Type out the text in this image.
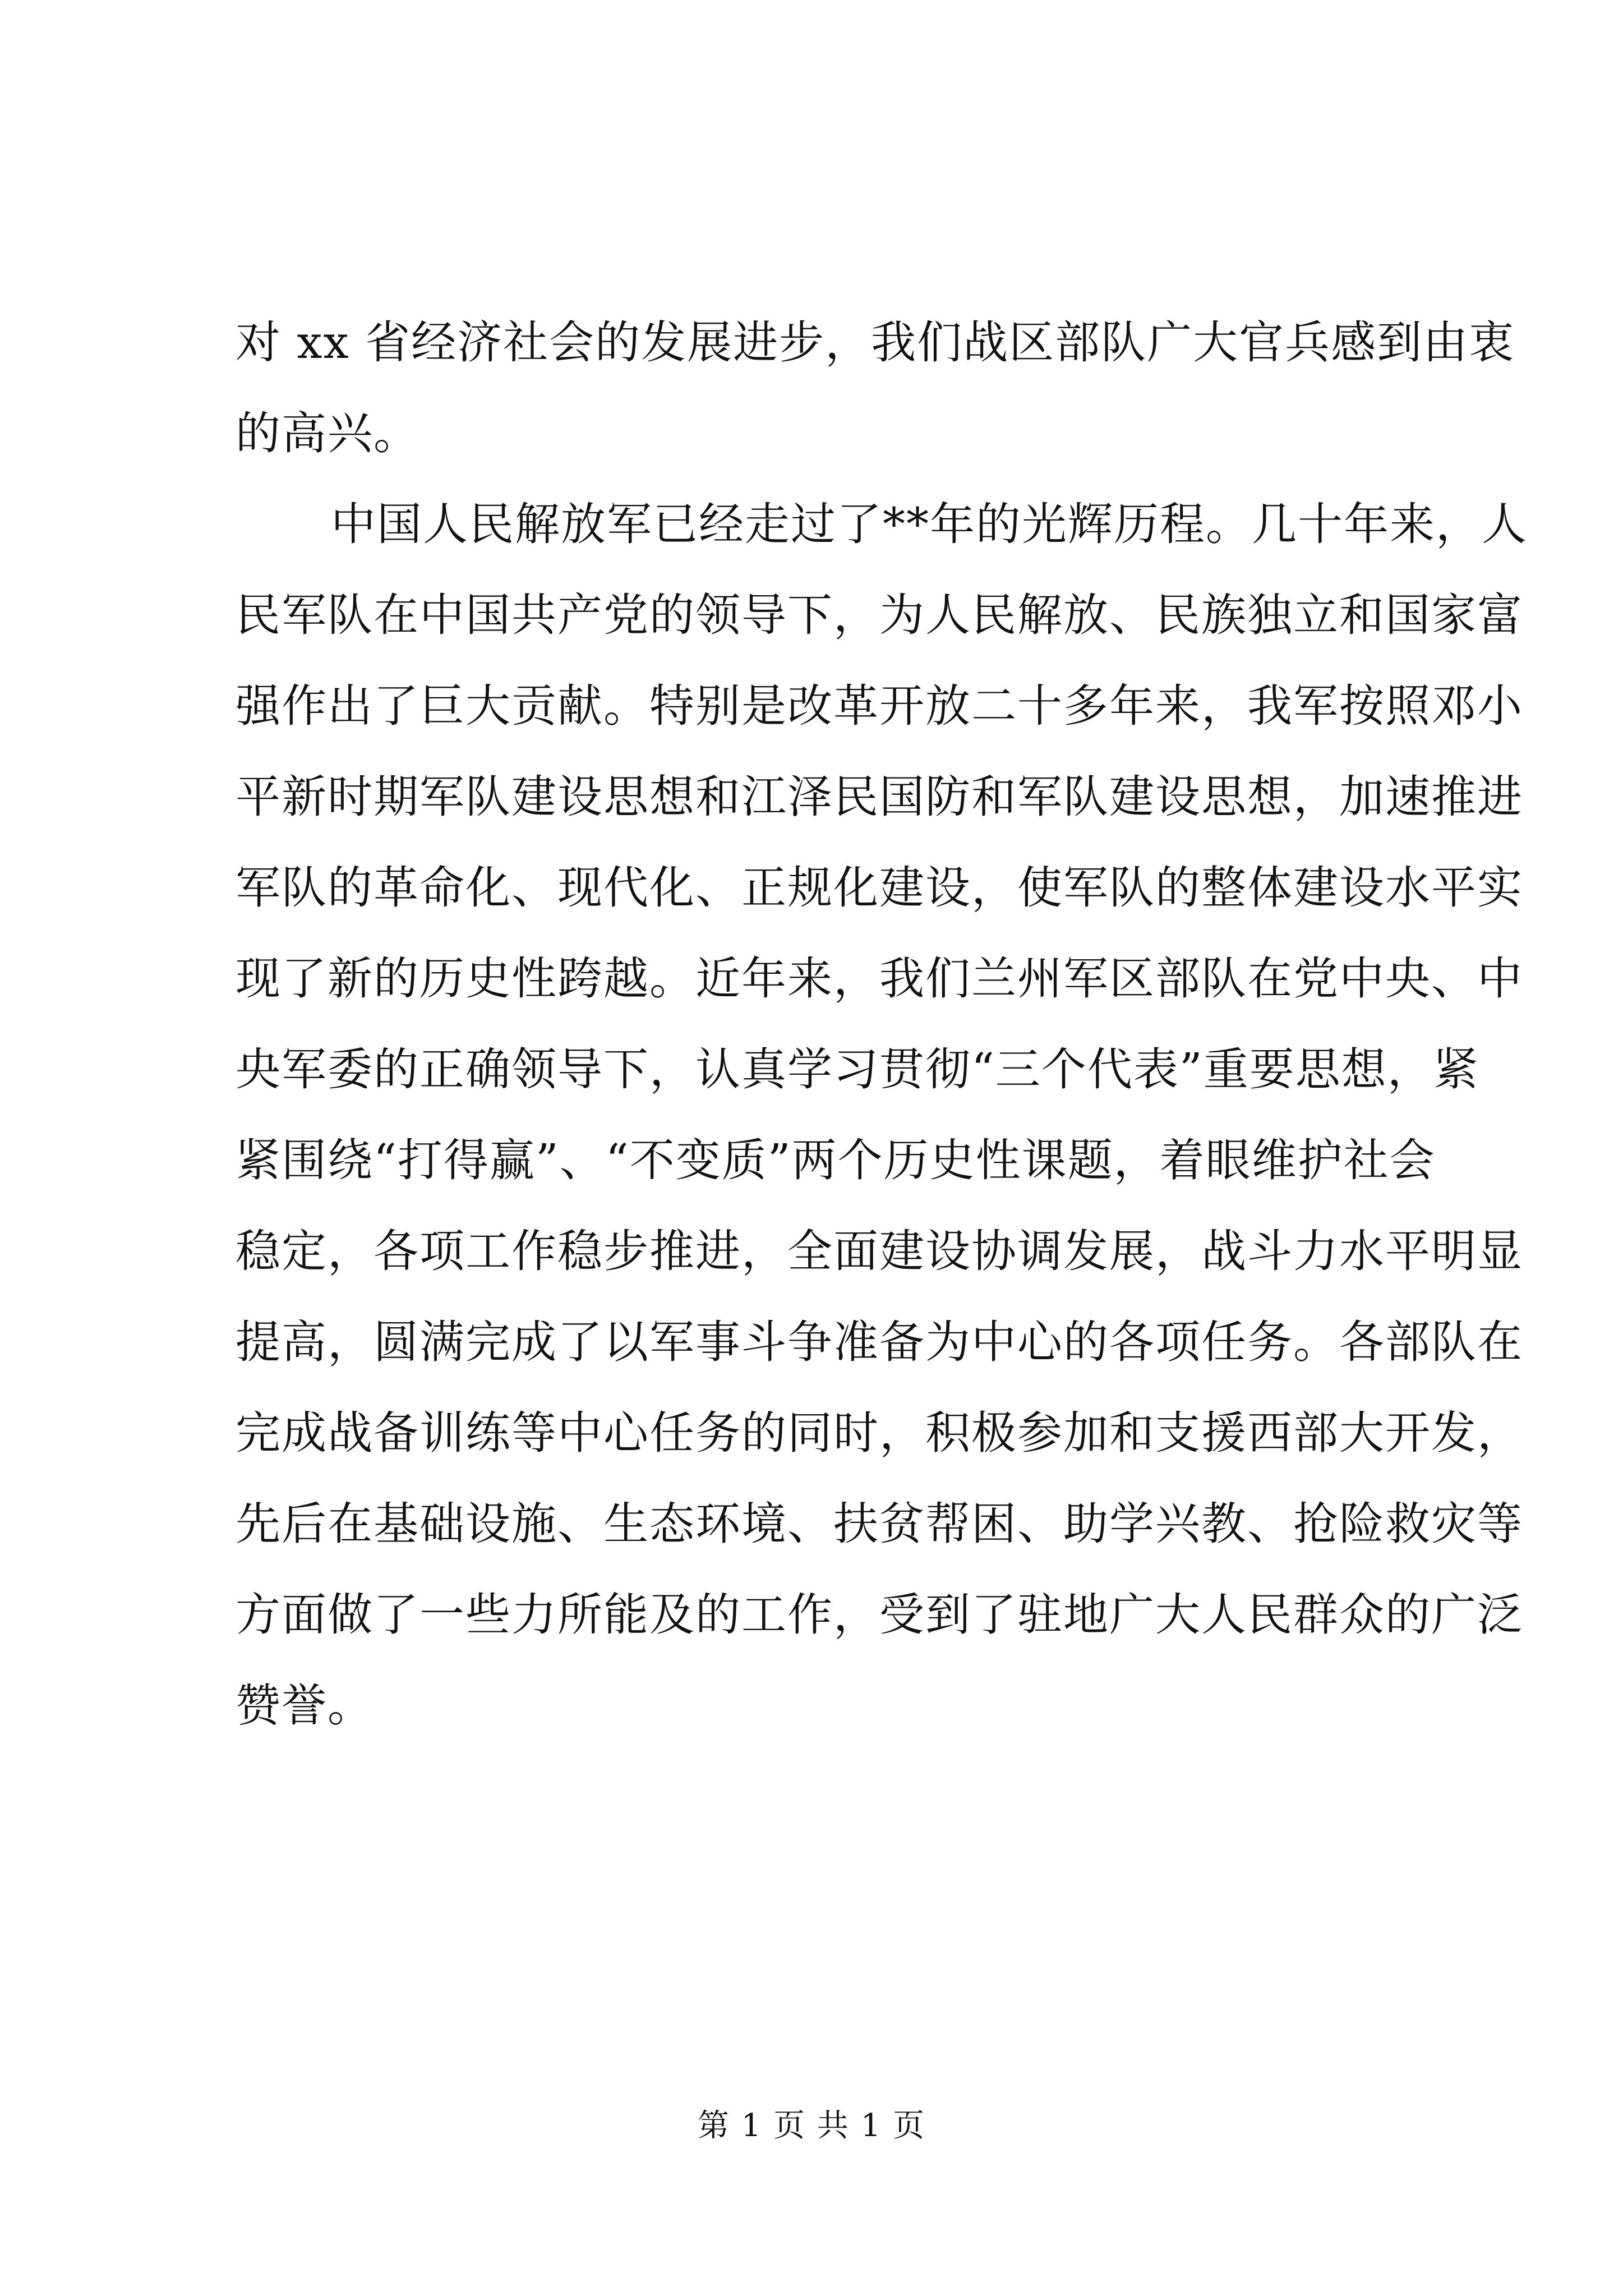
对 xx 省经济社会的发展进步，我们战区部队广大官兵感到由衷
的高兴。
中国人民解放军已经走过了**年的光辉历程。几十年来，人
民军队在中国共产党的领导下，为人民解放、民族独立和国家富
强作出了巨大贡献。特别是改革开放二十多年来，我军按照邓小
平新时期军队建设思想和江泽民国防和军队建设思想，加速推进
军队的革命化、现代化、正规化建设，使军队的整体建设水平实
现了新的历史性跨越。近年来，我们兰州军区部队在党中央、中
央军委的正确领导下，认真学习贯彻“三个代表”重要思想，紧
紧围绕“打得赢”、“不变质”两个历史性课题，着眼维护社会
稳定，各项工作稳步推进，全面建设协调发展，战斗力水平明显
提高，圆满完成了以军事斗争准备为中心的各项任务。各部队在
完成战备训练等中心任务的同时，积极参加和支援西部大开发，
先后在基础设施、生态环境、扶贫帮困、助学兴教、抢险救灾等
方面做了一些力所能及的工作，受到了驻地广大人民群众的广泛
赞誉。
第 1 页 共 1 页
